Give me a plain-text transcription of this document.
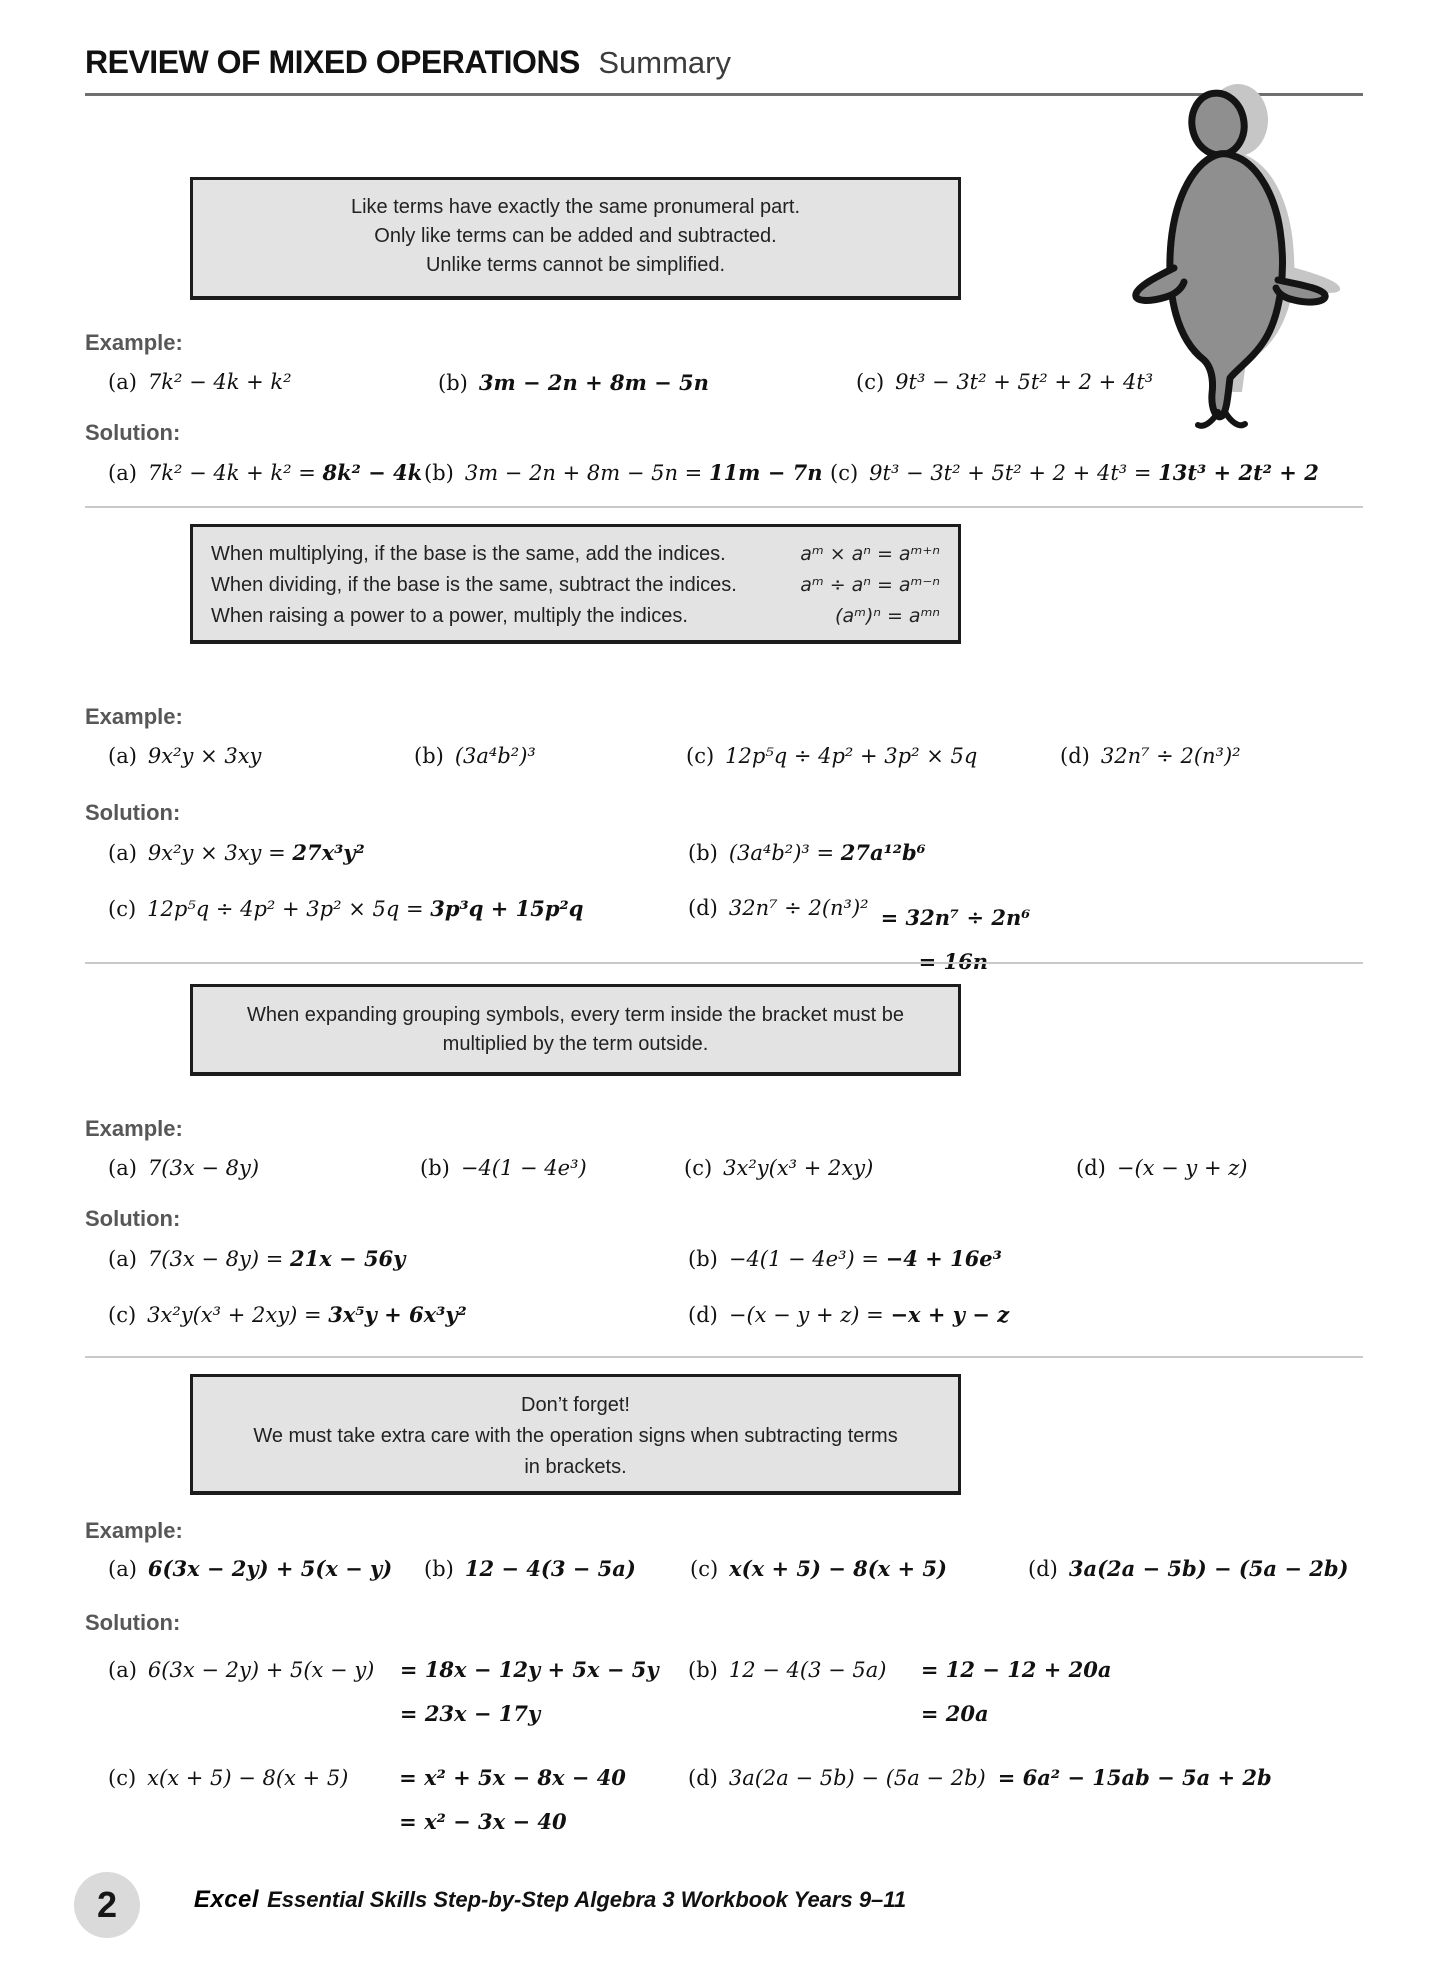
REVIEW OF MIXED OPERATIONS Summary
Like terms have exactly the same pronumeral part.
Only like terms can be added and subtracted.
Unlike terms cannot be simplified.
Example:
(a) 7k² − 4k + k²	(b) 3m − 2n + 8m − 5n	(c) 9t³ − 3t² + 5t² + 2 + 4t³
Solution:
(a) 7k² − 4k + k² = 8k² − 4k (b) 3m − 2n + 8m − 5n = 11m − 7n (c) 9t³ − 3t² + 5t² + 2 + 4t³ = 13t³ + 2t² + 2
When multiplying, if the base is the same, add the indices.	aᵐ × aⁿ = aᵐ⁺ⁿ
When dividing, if the base is the same, subtract the indices.	aᵐ ÷ aⁿ = aᵐ⁻ⁿ
When raising a power to a power, multiply the indices.	(aᵐ)ⁿ = aᵐⁿ
Example:
(a) 9x²y × 3xy	(b) (3a⁴b²)³	(c) 12p⁵q ÷ 4p² + 3p² × 5q	(d) 32n⁷ ÷ 2(n³)²
Solution:
(a) 9x²y × 3xy = 27x³y²	(b) (3a⁴b²)³ = 27a¹²b⁶
(c) 12p⁵q ÷ 4p² + 3p² × 5q = 3p³q + 15p²q	(d) 32n⁷ ÷ 2(n³)² = 32n⁷ ÷ 2n⁶
= 16n
When expanding grouping symbols, every term inside the bracket must be
multiplied by the term outside.
Example:
(a) 7(3x − 8y)	(b) −4(1 − 4e³)	(c) 3x²y(x³ + 2xy)	(d) −(x − y + z)
Solution:
(a) 7(3x − 8y) = 21x − 56y	(b) −4(1 − 4e³) = −4 + 16e³
(c) 3x²y(x³ + 2xy) = 3x⁵y + 6x³y²	(d) −(x − y + z) = −x + y − z
Don’t forget!
We must take extra care with the operation signs when subtracting terms
in brackets.
Example:
(a) 6(3x − 2y) + 5(x − y) (b) 12 − 4(3 − 5a)	(c) x(x + 5) − 8(x + 5)	(d) 3a(2a − 5b) − (5a − 2b)
Solution:
(a) 6(3x − 2y) + 5(x − y) = 18x − 12y + 5x − 5y
= 23x − 17y
(b) 12 − 4(3 − 5a) = 12 − 12 + 20a
= 20a
(c) x(x + 5) − 8(x + 5) = x² + 5x − 8x − 40
= x² − 3x − 40
(d) 3a(2a − 5b) − (5a − 2b) = 6a² − 15ab − 5a + 2b
2	Excel Essential Skills Step-by-Step Algebra 3 Workbook Years 9–11
